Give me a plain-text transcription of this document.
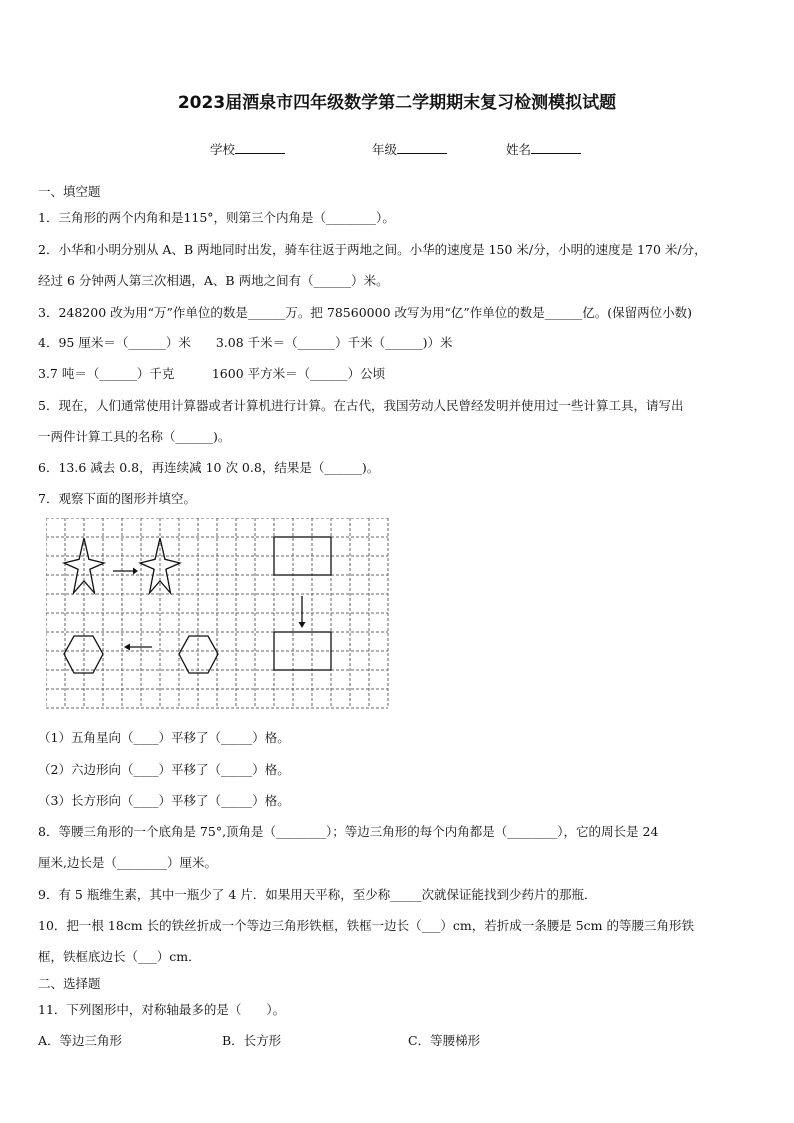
2023届酒泉市四年级数学第二学期期末复习检测模拟试题
学校	年级	姓名
一、填空题
1．三角形的两个内角和是115°，则第三个内角是（________）。
2．小华和小明分别从 A、B 两地同时出发，骑车往返于两地之间。小华的速度是 150 米/分，小明的速度是 170 米/分，
经过 6 分钟两人第三次相遇，A、B 两地之间有（______）米。
3．248200 改为用“万”作单位的数是______万。把 78560000 改写为用“亿”作单位的数是______亿。(保留两位小数)
4．95 厘米＝（______）米　　3.08 千米＝（______）千米（______)）米
3.7 吨＝（______）千克　　　1600 平方米＝（______）公顷
5．现在，人们通常使用计算器或者计算机进行计算。在古代，我国劳动人民曾经发明并使用过一些计算工具，请写出
一两件计算工具的名称（______)。
6．13.6 减去 0.8，再连续减 10 次 0.8，结果是（______)。
7．观察下面的图形并填空。
（1）五角星向（____）平移了（_____）格。
（2）六边形向（____）平移了（_____）格。
（3）长方形向（____）平移了（_____）格。
8．等腰三角形的一个底角是 75°,顶角是（________）；等边三角形的每个内角都是（________），它的周长是 24
厘米,边长是（________）厘米。
9．有 5 瓶维生素，其中一瓶少了 4 片．如果用天平称，至少称_____次就保证能找到少药片的那瓶．
10．把一根 18cm 长的铁丝折成一个等边三角形铁框，铁框一边长（___）cm，若折成一条腰是 5cm 的等腰三角形铁
框，铁框底边长（___）cm．
二、选择题
11．下列图形中，对称轴最多的是（　　）。
A．等边三角形	B．长方形	C．等腰梯形
